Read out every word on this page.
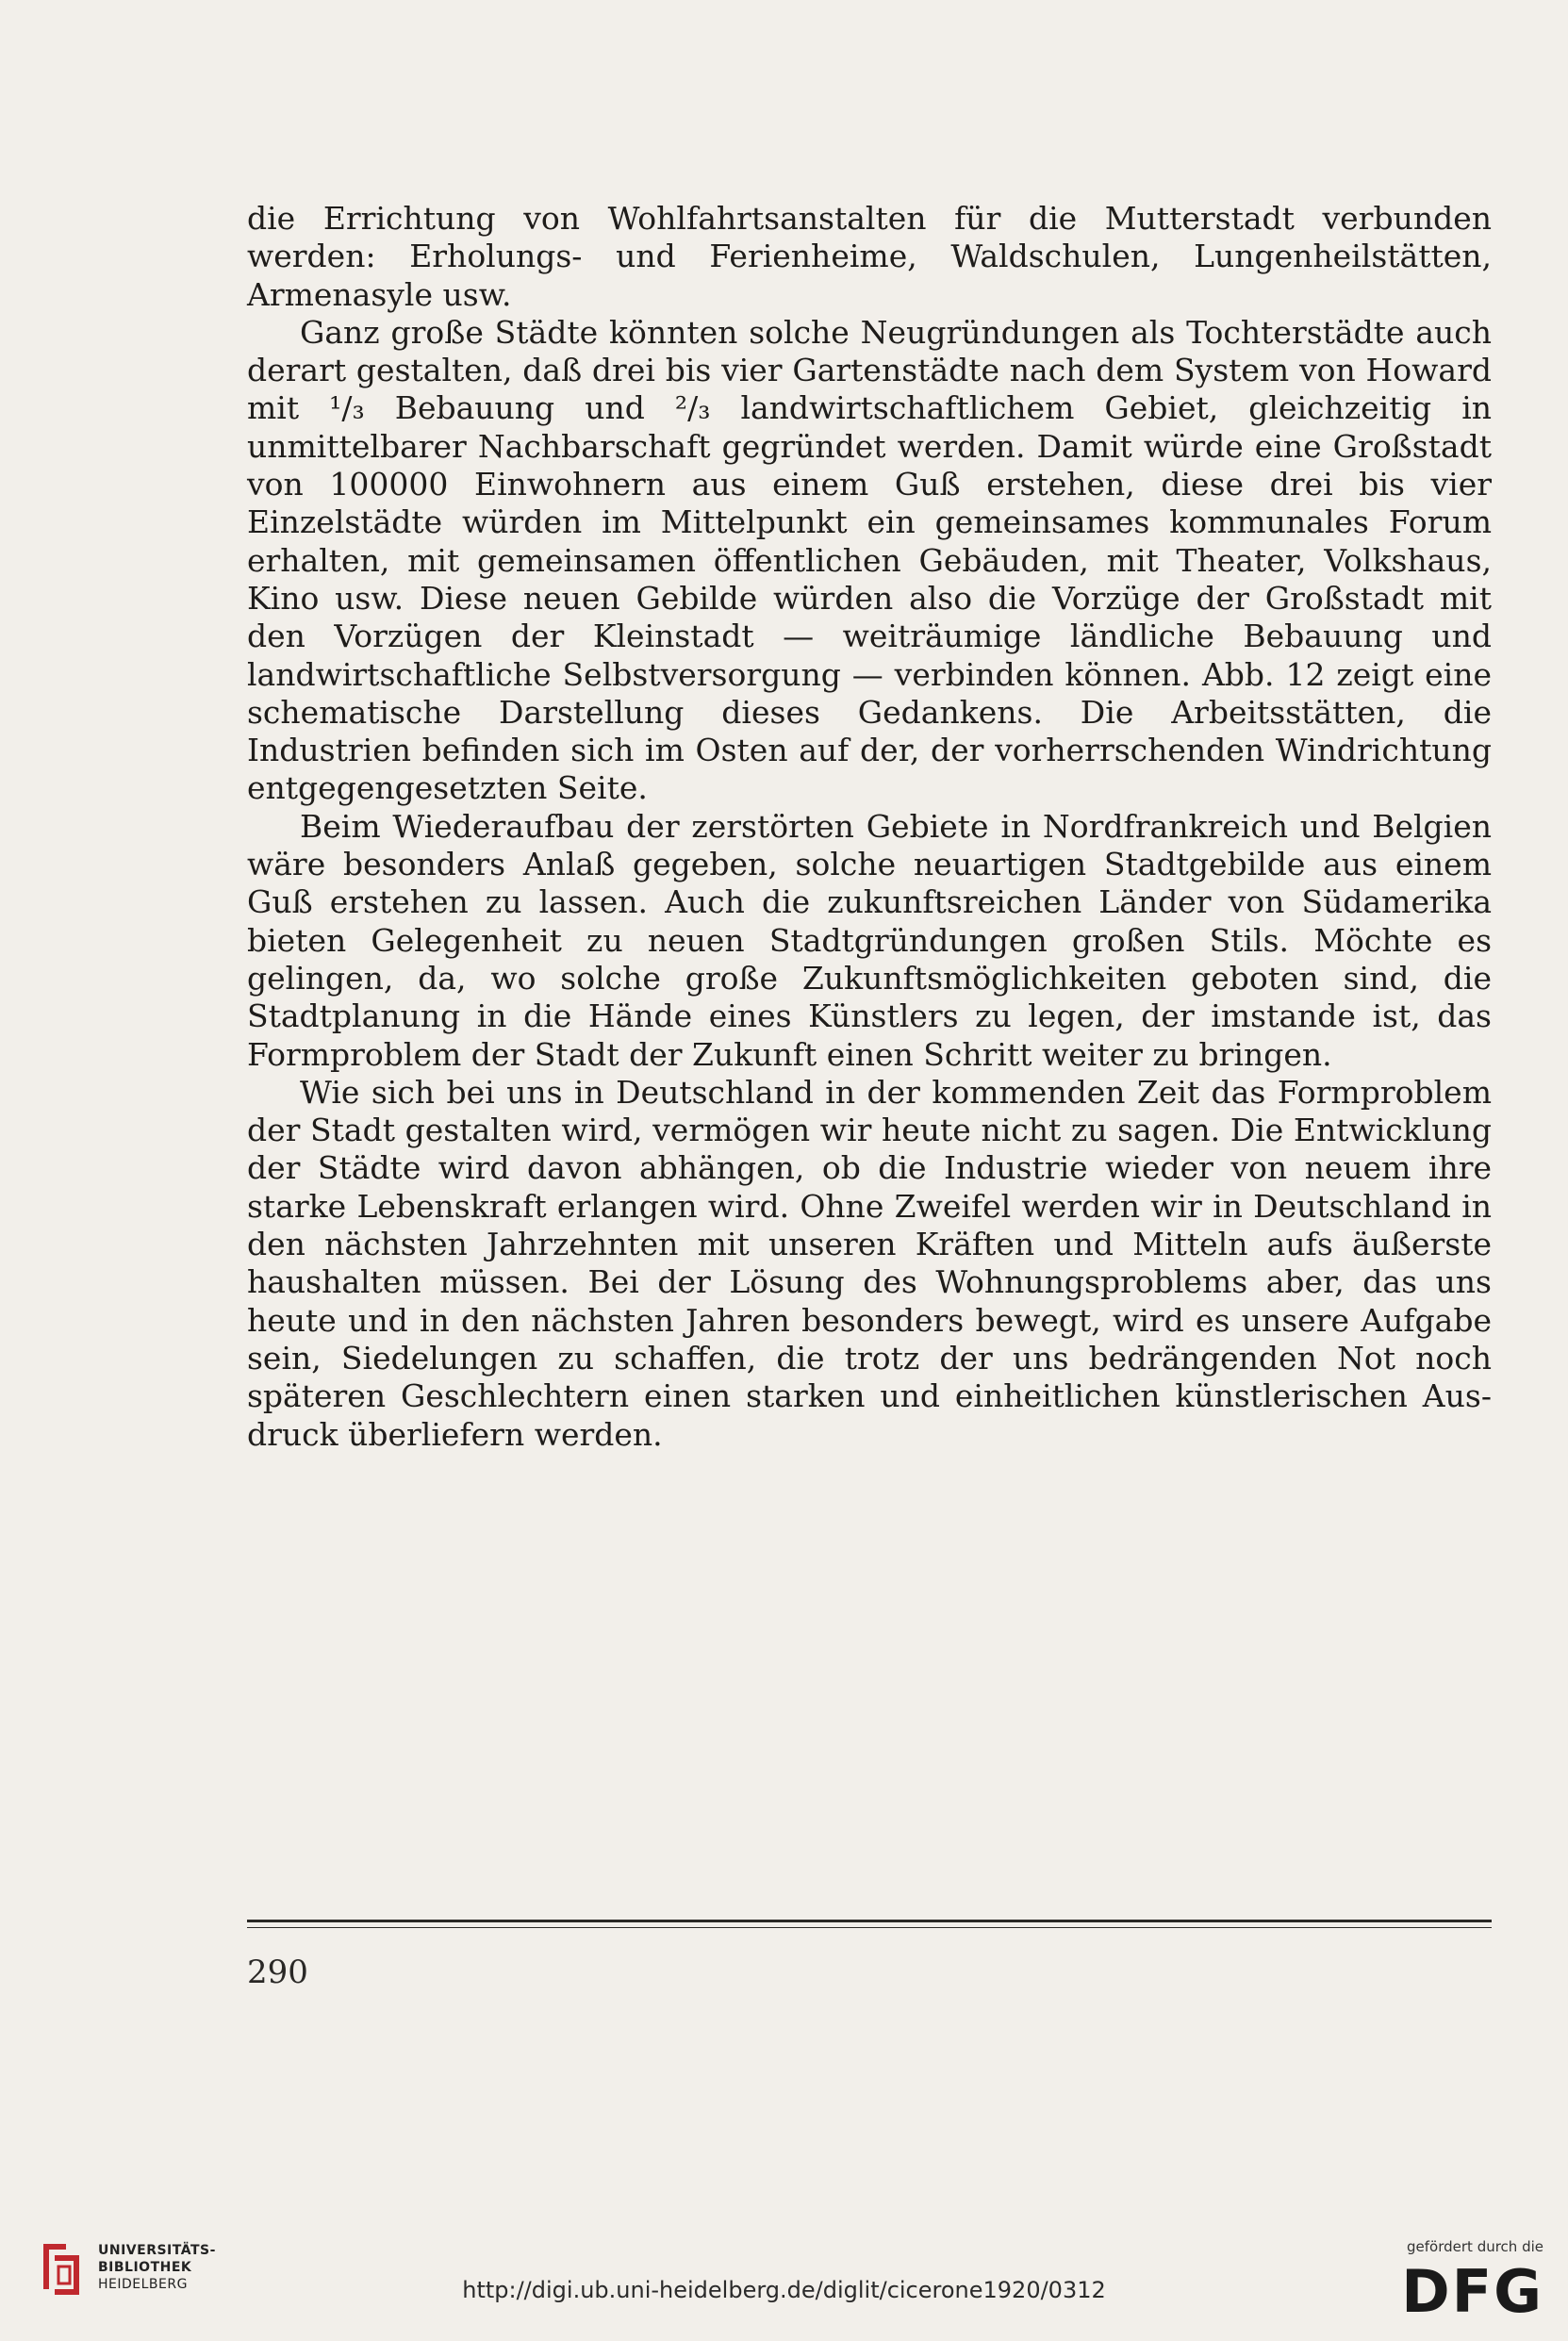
die Errichtung von Wohlfahrtsanstalten für die Mutterstadt verbunden werden: Erholungs- und Ferienheime, Waldschulen, Lungenheilstätten, Armenasyle usw.

Ganz große Städte könnten solche Neugründungen als Tochterstädte auch derart gestalten, daß drei bis vier Gartenstädte nach dem System von Howard mit ¹/₃ Bebauung und ²/₃ landwirtschaftlichem Gebiet, gleichzeitig in unmittelbarer Nachbarschaft gegründet werden. Damit würde eine Großstadt von 100000 Einwohnern aus einem Guß erstehen, diese drei bis vier Einzelstädte würden im Mittelpunkt ein gemeinsames kommunales Forum erhalten, mit gemeinsamen öffentlichen Gebäuden, mit Theater, Volkshaus, Kino usw. Diese neuen Gebilde würden also die Vorzüge der Großstadt mit den Vorzügen der Kleinstadt — weiträumige ländliche Bebauung und landwirtschaftliche Selbstversorgung — verbinden können. Abb. 12 zeigt eine schematische Darstellung dieses Gedankens. Die Arbeitsstätten, die Industrien befinden sich im Osten auf der, der vorherrschenden Windrichtung entgegengesetzten Seite.

Beim Wiederaufbau der zerstörten Gebiete in Nordfrankreich und Belgien wäre besonders Anlaß gegeben, solche neuartigen Stadtgebilde aus einem Guß erstehen zu lassen. Auch die zukunftsreichen Länder von Südamerika bieten Gelegenheit zu neuen Stadtgründungen großen Stils. Möchte es gelingen, da, wo solche große Zukunftsmöglichkeiten geboten sind, die Stadtplanung in die Hände eines Künstlers zu legen, der imstande ist, das Formproblem der Stadt der Zukunft einen Schritt weiter zu bringen.

Wie sich bei uns in Deutschland in der kommenden Zeit das Formproblem der Stadt gestalten wird, vermögen wir heute nicht zu sagen. Die Entwicklung der Städte wird davon abhängen, ob die Industrie wieder von neuem ihre starke Lebenskraft erlangen wird. Ohne Zweifel werden wir in Deutschland in den nächsten Jahrzehnten mit unseren Kräften und Mitteln aufs äußerste haushalten müssen. Bei der Lösung des Wohnungsproblems aber, das uns heute und in den nächsten Jahren besonders bewegt, wird es unsere Aufgabe sein, Siedelungen zu schaffen, die trotz der uns bedrängenden Not noch späteren Geschlechtern einen starken und einheitlichen künstlerischen Ausdruck überliefern werden.

290
UNIVERSITÄTS-
BIBLIOTHEK
HEIDELBERG	http://digi.ub.uni-heidelberg.de/diglit/cicerone1920/0312
gefördert durch die
DFG
